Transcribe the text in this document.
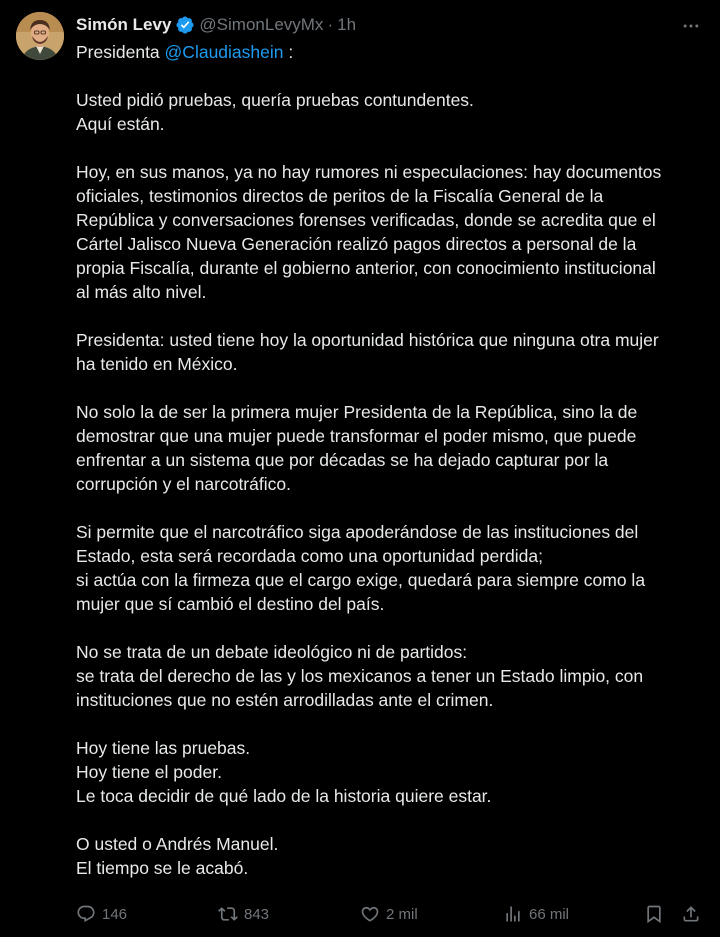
Simón Levy @SimonLevyMx · 1h
Presidenta @Claudiashein :
Usted pidió pruebas, quería pruebas contundentes.
Aquí están.
Hoy, en sus manos, ya no hay rumores ni especulaciones: hay documentos
oficiales, testimonios directos de peritos de la Fiscalía General de la
República y conversaciones forenses verificadas, donde se acredita que el
Cártel Jalisco Nueva Generación realizó pagos directos a personal de la
propia Fiscalía, durante el gobierno anterior, con conocimiento institucional
al más alto nivel.
Presidenta: usted tiene hoy la oportunidad histórica que ninguna otra mujer
ha tenido en México.
No solo la de ser la primera mujer Presidenta de la República, sino la de
demostrar que una mujer puede transformar el poder mismo, que puede
enfrentar a un sistema que por décadas se ha dejado capturar por la
corrupción y el narcotráfico.
Si permite que el narcotráfico siga apoderándose de las instituciones del
Estado, esta será recordada como una oportunidad perdida;
si actúa con la firmeza que el cargo exige, quedará para siempre como la
mujer que sí cambió el destino del país.
No se trata de un debate ideológico ni de partidos:
se trata del derecho de las y los mexicanos a tener un Estado limpio, con
instituciones que no estén arrodilladas ante el crimen.
Hoy tiene las pruebas.
Hoy tiene el poder.
Le toca decidir de qué lado de la historia quiere estar.
O usted o Andrés Manuel.
El tiempo se le acabó.
146	843	2 mil	66 mil
